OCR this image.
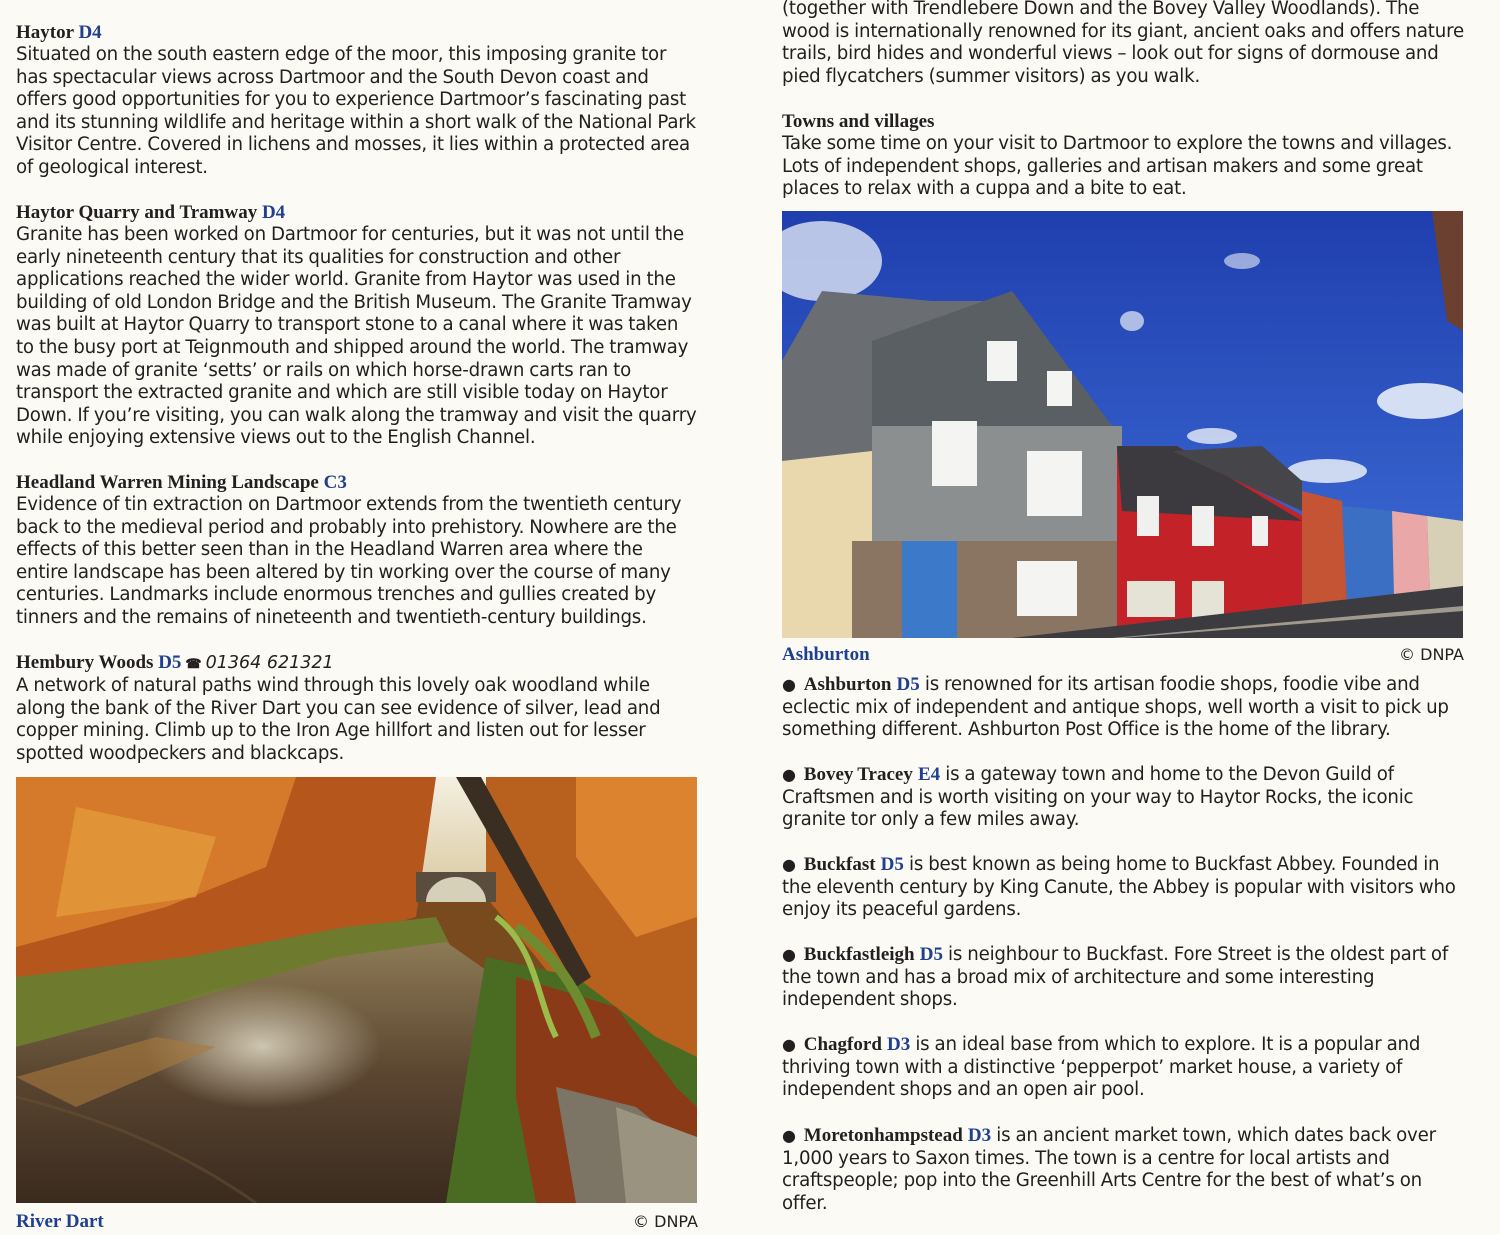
Haytor D4
Situated on the south eastern edge of the moor, this imposing granite tor has spectacular views across Dartmoor and the South Devon coast and offers good opportunities for you to experience Dartmoor’s fascinating past and its stunning wildlife and heritage within a short walk of the National Park Visitor Centre. Covered in lichens and mosses, it lies within a protected area of geological interest.
Haytor Quarry and Tramway D4
Granite has been worked on Dartmoor for centuries, but it was not until the early nineteenth century that its qualities for construction and other applications reached the wider world. Granite from Haytor was used in the building of old London Bridge and the British Museum. The Granite Tramway was built at Haytor Quarry to transport stone to a canal where it was taken to the busy port at Teignmouth and shipped around the world. The tramway was made of granite ‘setts’ or rails on which horse-drawn carts ran to transport the extracted granite and which are still visible today on Haytor Down. If you’re visiting, you can walk along the tramway and visit the quarry while enjoying extensive views out to the English Channel.
Headland Warren Mining Landscape C3
Evidence of tin extraction on Dartmoor extends from the twentieth century back to the medieval period and probably into prehistory. Nowhere are the effects of this better seen than in the Headland Warren area where the entire landscape has been altered by tin working over the course of many centuries. Landmarks include enormous trenches and gullies created by tinners and the remains of nineteenth and twentieth-century buildings.
Hembury Woods D5 ☎ 01364 621321
A network of natural paths wind through this lovely oak woodland while along the bank of the River Dart you can see evidence of silver, lead and copper mining. Climb up to the Iron Age hillfort and listen out for lesser spotted woodpeckers and blackcaps.
River Dart	© DNPA
(together with Trendlebere Down and the Bovey Valley Woodlands). The wood is internationally renowned for its giant, ancient oaks and offers nature trails, bird hides and wonderful views – look out for signs of dormouse and pied flycatchers (summer visitors) as you walk.
Towns and villages
Take some time on your visit to Dartmoor to explore the towns and villages. Lots of independent shops, galleries and artisan makers and some great places to relax with a cuppa and a bite to eat.
Ashburton	© DNPA
● Ashburton D5 is renowned for its artisan foodie shops, foodie vibe and eclectic mix of independent and antique shops, well worth a visit to pick up something different. Ashburton Post Office is the home of the library.
● Bovey Tracey E4 is a gateway town and home to the Devon Guild of Craftsmen and is worth visiting on your way to Haytor Rocks, the iconic granite tor only a few miles away.
● Buckfast D5 is best known as being home to Buckfast Abbey. Founded in the eleventh century by King Canute, the Abbey is popular with visitors who enjoy its peaceful gardens.
● Buckfastleigh D5 is neighbour to Buckfast. Fore Street is the oldest part of the town and has a broad mix of architecture and some interesting independent shops.
● Chagford D3 is an ideal base from which to explore. It is a popular and thriving town with a distinctive ‘pepperpot’ market house, a variety of independent shops and an open air pool.
● Moretonhampstead D3 is an ancient market town, which dates back over 1,000 years to Saxon times. The town is a centre for local artists and craftspeople; pop into the Greenhill Arts Centre for the best of what’s on offer.
